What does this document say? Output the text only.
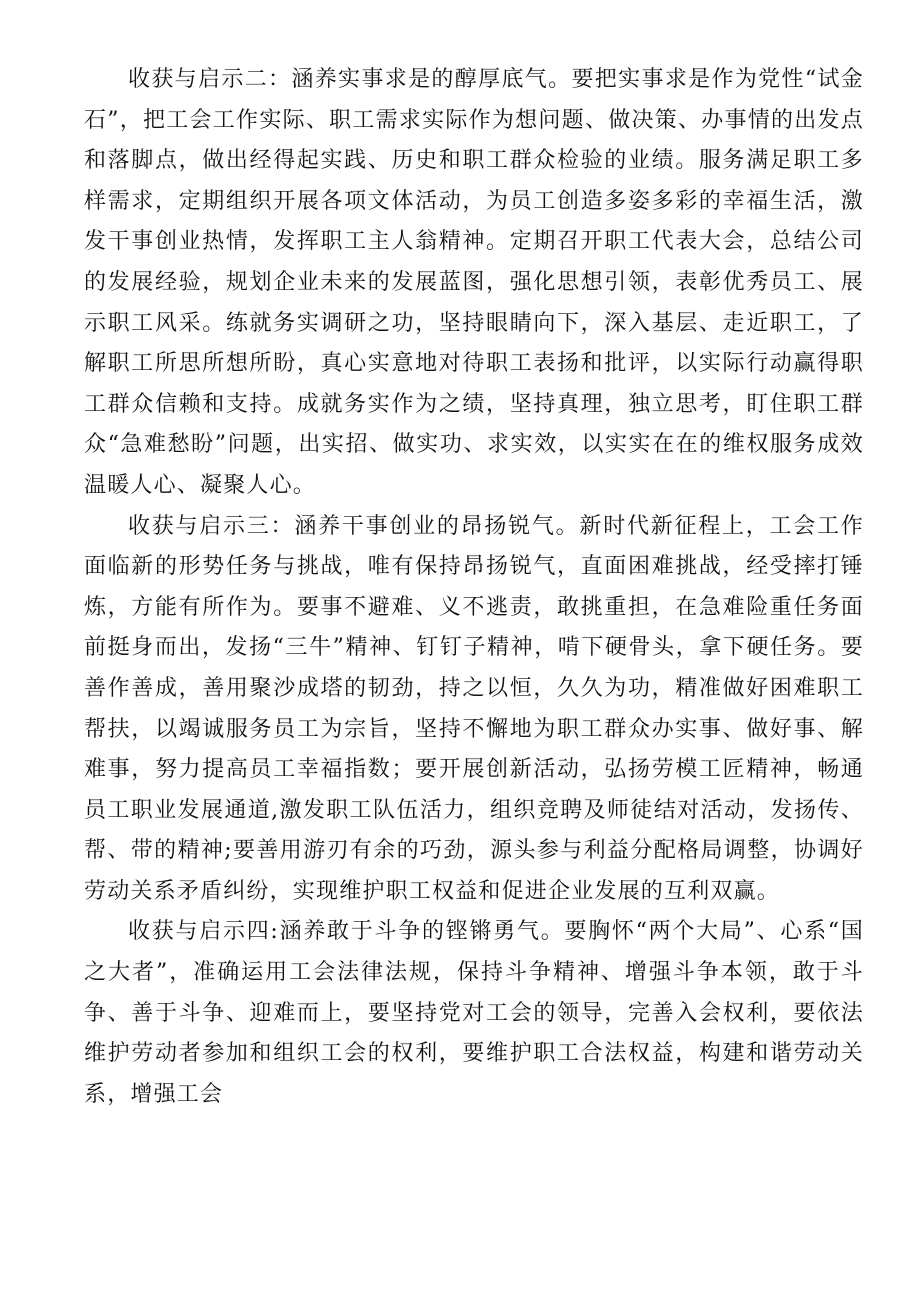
收获与启示二：涵养实事求是的醇厚底气。要把实事求是作为党性“试金石”，把工会工作实际、职工需求实际作为想问题、做决策、办事情的出发点和落脚点，做出经得起实践、历史和职工群众检验的业绩。服务满足职工多样需求，定期组织开展各项文体活动，为员工创造多姿多彩的幸福生活，激发干事创业热情，发挥职工主人翁精神。定期召开职工代表大会，总结公司的发展经验，规划企业未来的发展蓝图，强化思想引领，表彰优秀员工、展示职工风采。练就务实调研之功，坚持眼睛向下，深入基层、走近职工，了解职工所思所想所盼，真心实意地对待职工表扬和批评，以实际行动赢得职工群众信赖和支持。成就务实作为之绩，坚持真理，独立思考，盯住职工群众“急难愁盼”问题，出实招、做实功、求实效，以实实在在的维权服务成效温暖人心、凝聚人心。

收获与启示三：涵养干事创业的昂扬锐气。新时代新征程上，工会工作面临新的形势任务与挑战，唯有保持昂扬锐气，直面困难挑战，经受摔打锤炼，方能有所作为。要事不避难、义不逃责，敢挑重担，在急难险重任务面前挺身而出，发扬“三牛”精神、钉钉子精神，啃下硬骨头，拿下硬任务。要善作善成，善用聚沙成塔的韧劲，持之以恒，久久为功，精准做好困难职工帮扶，以竭诚服务员工为宗旨，坚持不懈地为职工群众办实事、做好事、解难事，努力提高员工幸福指数；要开展创新活动，弘扬劳模工匠精神，畅通员工职业发展通道,激发职工队伍活力，组织竞聘及师徒结对活动，发扬传、帮、带的精神;要善用游刃有余的巧劲，源头参与利益分配格局调整，协调好劳动关系矛盾纠纷，实现维护职工权益和促进企业发展的互利双赢。

收获与启示四:涵养敢于斗争的铿锵勇气。要胸怀“两个大局”、心系“国之大者”，准确运用工会法律法规，保持斗争精神、增强斗争本领，敢于斗争、善于斗争、迎难而上，要坚持党对工会的领导，完善入会权利，要依法维护劳动者参加和组织工会的权利，要维护职工合法权益，构建和谐劳动关系，增强工会
